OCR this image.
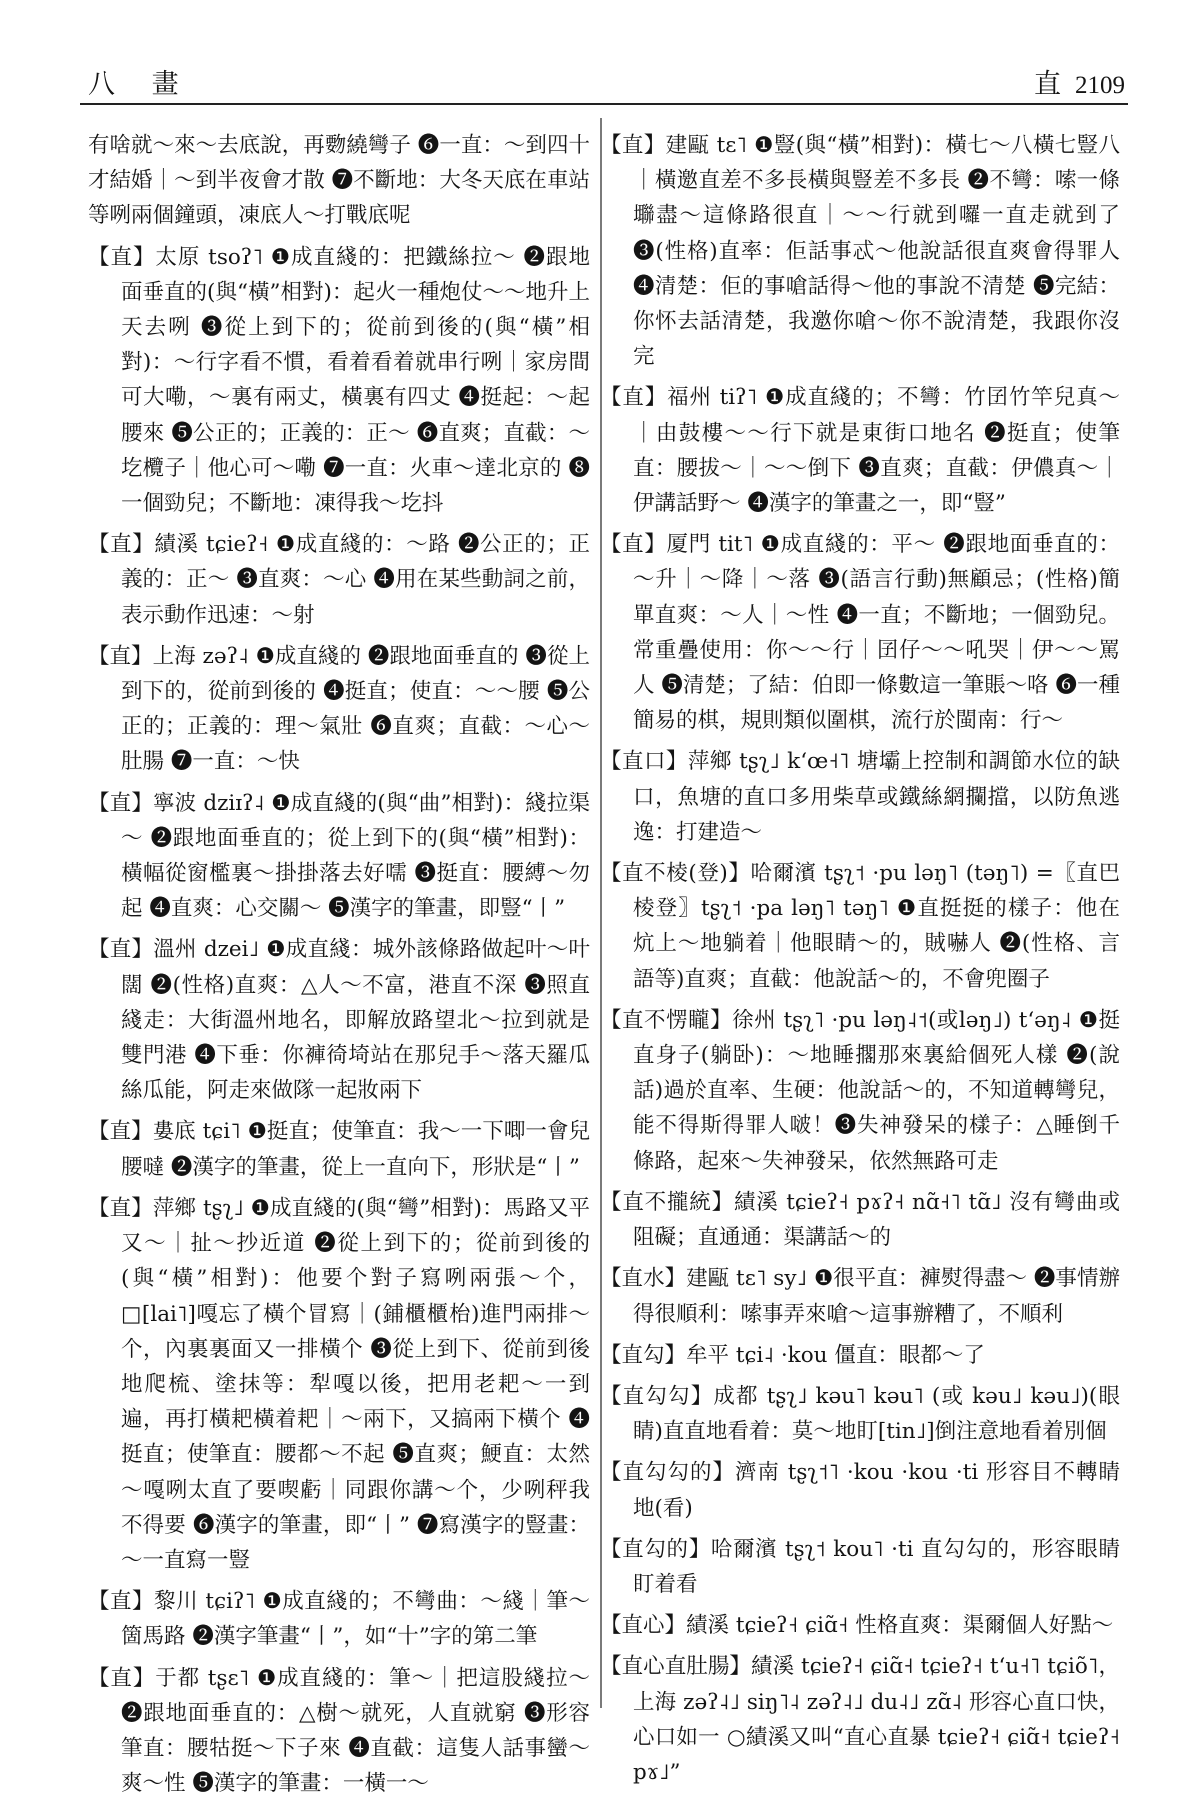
八 畫	直 2109

有啥就～來～去底說，再覅繞彎子 ❻一直：～到四十才結婚｜～到半夜會才散 ❼不斷地：大冬天底在車站等咧兩個鐘頭，凍底人～打戰底呢

【直】太原 tsoʔ˥ ❶成直綫的：把鐵絲拉～ ❷跟地面垂直的(與“橫”相對)：起火一種炮仗～～地升上天去咧 ❸從上到下的；從前到後的(與“橫”相對)：～行字看不慣，看着看着就串行咧｜家房間可大嘞，～裏有兩丈，橫裏有四丈 ❹挺起：～起腰來 ❺公正的；正義的：正～ ❻直爽；直截：～圪欖子｜他心可～嘞 ❼一直：火車～達北京的 ❽一個勁兒；不斷地：凍得我～圪抖

【直】績溪 tɕieʔ˧ ❶成直綫的：～路 ❷公正的；正義的：正～ ❸直爽：～心 ❹用在某些動詞之前，表示動作迅速：～射

【直】上海 zəʔ˨ ❶成直綫的 ❷跟地面垂直的 ❸從上到下的，從前到後的 ❹挺直；使直：～～腰 ❺公正的；正義的：理～氣壯 ❻直爽；直截：～心～肚腸 ❼一直：～快

【直】寧波 dziɪʔ˨ ❶成直綫的(與“曲”相對)：綫拉渠～ ❷跟地面垂直的；從上到下的(與“橫”相對)：橫幅從窗檻裏～掛掛落去好嚅 ❸挺直：腰縛～勿起 ❹直爽：心交關～ ❺漢字的筆畫，即豎“丨”

【直】溫州 dzei˩ ❶成直綫：城外該條路做起叶～叶闊 ❷(性格)直爽：△人～不富，港直不深 ❸照直綫走：大街溫州地名，即解放路望北～拉到就是雙門港 ❹下垂：你褲徛埼站在那兒手～落天羅瓜絲瓜能，阿走來做隊一起妝兩下

【直】婁底 tɕi˥ ❶挺直；使筆直：我～一下唧一會兒腰噠 ❷漢字的筆畫，從上一直向下，形狀是“丨”

【直】萍鄉 tʂʅ˩ ❶成直綫的(與“彎”相對)：馬路又平又～｜扯～抄近道 ❷從上到下的；從前到後的(與“橫”相對)：他要个對子寫咧兩張～个，□[lai˥]嘎忘了橫个冒寫｜(鋪櫃櫃枱)進門兩排～个，內裏裏面又一排橫个 ❸從上到下、從前到後地爬梳、塗抹等：犁嘎以後，把用老耙～一到遍，再打橫耙橫着耙｜～兩下，又搞兩下橫个 ❹挺直；使筆直：腰都～不起 ❺直爽；鯁直：太然～嘎咧太直了要喫虧｜同跟你講～个，少咧秤我不得要 ❻漢字的筆畫，即“丨” ❼寫漢字的豎畫：～一直寫一豎

【直】黎川 tɕiʔ˥ ❶成直綫的；不彎曲：～綫｜筆～箇馬路 ❷漢字筆畫“丨”，如“十”字的第二筆

【直】于都 tʂɛ˥ ❶成直綫的：筆～｜把這股綫拉～ ❷跟地面垂直的：△樹～就死，人直就窮 ❸形容筆直：腰牯挺～下子來 ❹直截：這隻人話事蠻～爽～性 ❺漢字的筆畫：一橫一～

【直】建甌 tɛ˥ ❶豎(與“橫”相對)：橫七～八橫七豎八｜橫邀直差不多長橫與豎差不多長 ❷不彎：嗦一條壣盡～這條路很直｜～～行就到囉一直走就到了 ❸(性格)直率：佢話事忒～他說話很直爽會得罪人 ❹清楚：佢的事嗆話得～他的事說不清楚 ❺完結：你怀去話清楚，我邀你嗆～你不說清楚，我跟你沒完

【直】福州 tiʔ˥ ❶成直綫的；不彎：竹囝竹竿兒真～｜由鼓樓～～行下就是東街口地名 ❷挺直；使筆直：腰拔～｜～～倒下 ❸直爽；直截：伊儂真～｜伊講話野～ ❹漢字的筆畫之一，即“豎”

【直】厦門 tit˥ ❶成直綫的：平～ ❷跟地面垂直的：～升｜～降｜～落 ❸(語言行動)無顧忌；(性格)簡單直爽：～人｜～性 ❹一直；不斷地；一個勁兒。常重疊使用：你～～行｜囝仔～～吼哭｜伊～～罵人 ❺清楚；了結：伯即一條數這一筆賬～咯 ❻一種簡易的棋，規則類似圍棋，流行於閩南：行～

【直口】萍鄉 tʂʅ˩ kʻœ˧˥ 塘壩上控制和調節水位的缺口，魚塘的直口多用柴草或鐵絲網攔擋，以防魚逃逸：打建造～

【直不棱(登)】哈爾濱 tʂʅ˦ ·pu ləŋ˥ (təŋ˥) =〖直巴棱登〗tʂʅ˦ ·pa ləŋ˥ təŋ˥ ❶直挺挺的樣子：他在炕上～地躺着｜他眼睛～的，賊嚇人 ❷(性格、言語等)直爽；直截：他說話～的，不會兜圈子

【直不愣矓】徐州 tʂʅ˥ ·pu ləŋ˨˦(或ləŋ˩) tʻəŋ˨ ❶挺直身子(躺卧)：～地睡擱那來裏給個死人樣 ❷(說話)過於直率、生硬：他說話～的，不知道轉彎兒，能不得斯得罪人啵！❸失神發呆的樣子：△睡倒千條路，起來～失神發呆，依然無路可走

【直不攏統】績溪 tɕieʔ˧ pɤʔ˧ nɑ̃˧˥ tɑ̃˩ 沒有彎曲或阻礙；直通通：渠講話～的

【直水】建甌 tɛ˥ sy˩ ❶很平直：褲熨得盡～ ❷事情辦得很順利：嗦事弄來嗆～這事辦糟了，不順利

【直勾】牟平 tɕi˨ ·kou 僵直：眼都～了

【直勾勾】成都 tʂʅ˩ kəu˥ kəu˥ (或 kəu˩ kəu˩)(眼睛)直直地看着：莫～地盯[tin˩]倒注意地看着別個

【直勾勾的】濟南 tʂʅ˦˥ ·kou ·kou ·ti 形容目不轉睛地(看)

【直勾的】哈爾濱 tʂʅ˦ kou˥ ·ti 直勾勾的，形容眼睛盯着看

【直心】績溪 tɕieʔ˧ ɕiɑ̃˧ 性格直爽：渠爾個人好點～

【直心直肚腸】績溪 tɕieʔ˧ ɕiɑ̃˧ tɕieʔ˧ tʻu˧˥ tɕiõ˥，上海 zəʔ˨˩ siŋ˥˨ zəʔ˨˩ du˨˩ zɑ̃˨ 形容心直口快，心口如一 ○績溪又叫“直心直暴 tɕieʔ˧ ɕiɑ̃˧ tɕieʔ˧ pɤ˩”
